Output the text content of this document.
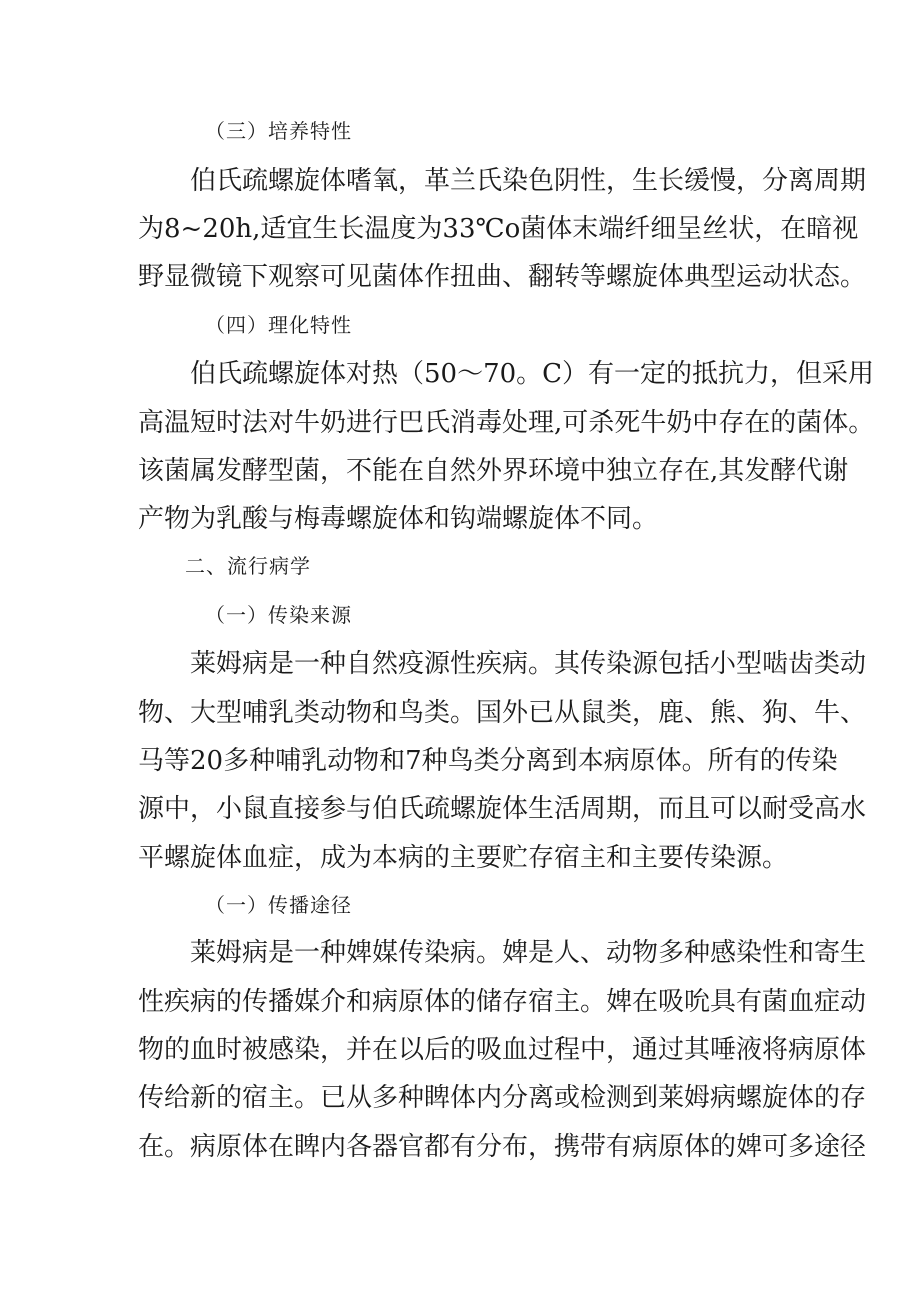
（三）培养特性
伯氏疏螺旋体嗜氧，革兰氏染色阴性，生长缓慢，分离周期
为8~20h,适宜生长温度为33℃o菌体末端纤细呈丝状，在暗视
野显微镜下观察可见菌体作扭曲、翻转等螺旋体典型运动状态。
（四）理化特性
伯氏疏螺旋体对热（50～70。C）有一定的抵抗力，但采用
高温短时法对牛奶进行巴氏消毒处理,可杀死牛奶中存在的菌体。
该菌属发酵型菌，不能在自然外界环境中独立存在,其发酵代谢
产物为乳酸与梅毒螺旋体和钩端螺旋体不同。
二、流行病学
（一）传染来源
莱姆病是一种自然疫源性疾病。其传染源包括小型啮齿类动
物、大型哺乳类动物和鸟类。国外已从鼠类，鹿、熊、狗、牛、
马等20多种哺乳动物和7种鸟类分离到本病原体。所有的传染
源中，小鼠直接参与伯氏疏螺旋体生活周期，而且可以耐受高水
平螺旋体血症，成为本病的主要贮存宿主和主要传染源。
（一）传播途径
莱姆病是一种婢媒传染病。婢是人、动物多种感染性和寄生
性疾病的传播媒介和病原体的储存宿主。婢在吸吮具有菌血症动
物的血时被感染，并在以后的吸血过程中，通过其唾液将病原体
传给新的宿主。已从多种睥体内分离或检测到莱姆病螺旋体的存
在。病原体在睥内各器官都有分布，携带有病原体的婢可多途径
